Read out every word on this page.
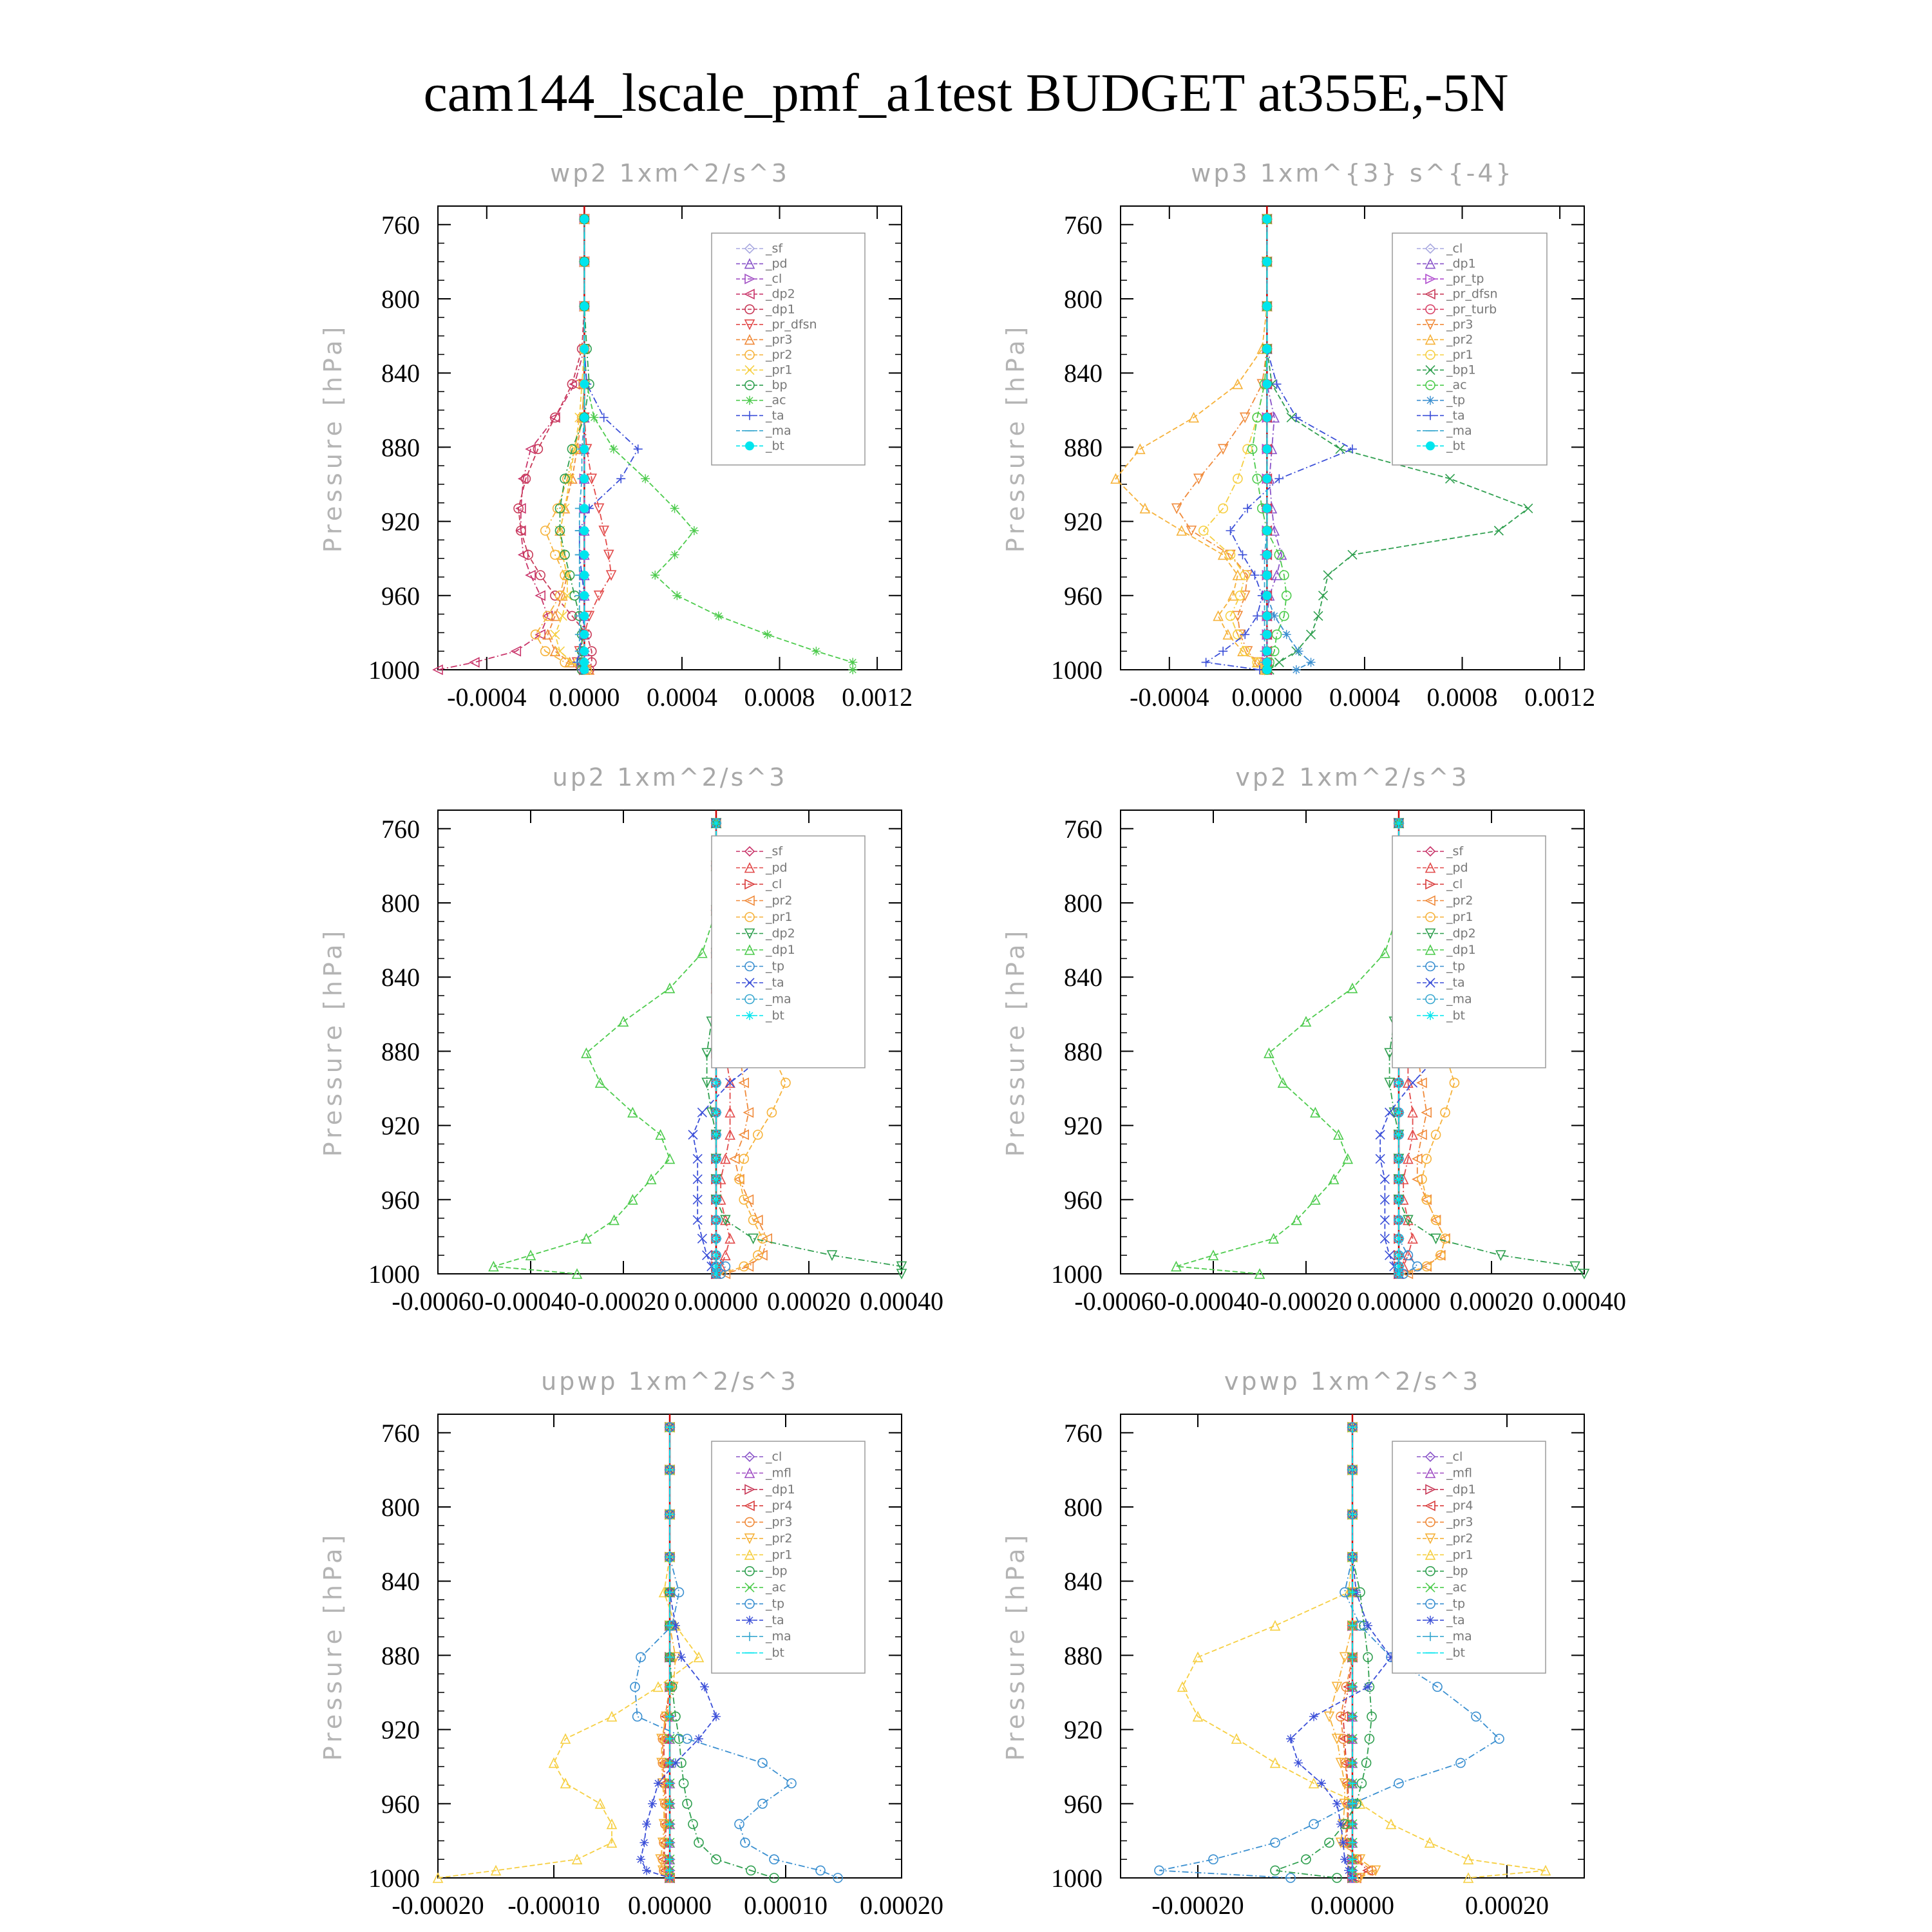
cam144_lscale_pmf_a1test BUDGET at355E,-5N
wp2 1xm^2/s^3
Pressure [hPa]
760
800
840
880
920
960
1000
-0.0004 0.0000 0.0004 0.0008 0.0012
_sf
_pd
_cl
_dp2
_dp1
_pr_dfsn
_pr3
_pr2
_pr1
_bp
_ac
_ta
_ma
_bt
wp3 1xm^{3} s^{-4}
Pressure [hPa]
760
800
840
880
920
960
1000
-0.0004 0.0000 0.0004 0.0008 0.0012
_cl
_dp1
_pr_tp
_pr_dfsn
_pr_turb
_pr3
_pr2
_pr1
_bp1
_ac
_tp
_ta
_ma
_bt
up2 1xm^2/s^3
Pressure [hPa]
760
800
840
880
920
960
1000
-0.00060 -0.00040 -0.00020 0.00000 0.00020 0.00040
_sf
_pd
_cl
_pr2
_pr1
_dp2
_dp1
_tp
_ta
_ma
_bt
vp2 1xm^2/s^3
Pressure [hPa]
760
800
840
880
920
960
1000
-0.00060 -0.00040 -0.00020 0.00000 0.00020 0.00040
_sf
_pd
_cl
_pr2
_pr1
_dp2
_dp1
_tp
_ta
_ma
_bt
upwp 1xm^2/s^3
Pressure [hPa]
760
800
840
880
920
960
1000
-0.00020 -0.00010 0.00000 0.00010 0.00020
_cl
_mfl
_dp1
_pr4
_pr3
_pr2
_pr1
_bp
_ac
_tp
_ta
_ma
_bt
vpwp 1xm^2/s^3
Pressure [hPa]
760
800
840
880
920
960
1000
-0.00020	0.00000	0.00020
_cl
_mfl
_dp1
_pr4
_pr3
_pr2
_pr1
_bp
_ac
_tp
_ta
_ma
_bt
